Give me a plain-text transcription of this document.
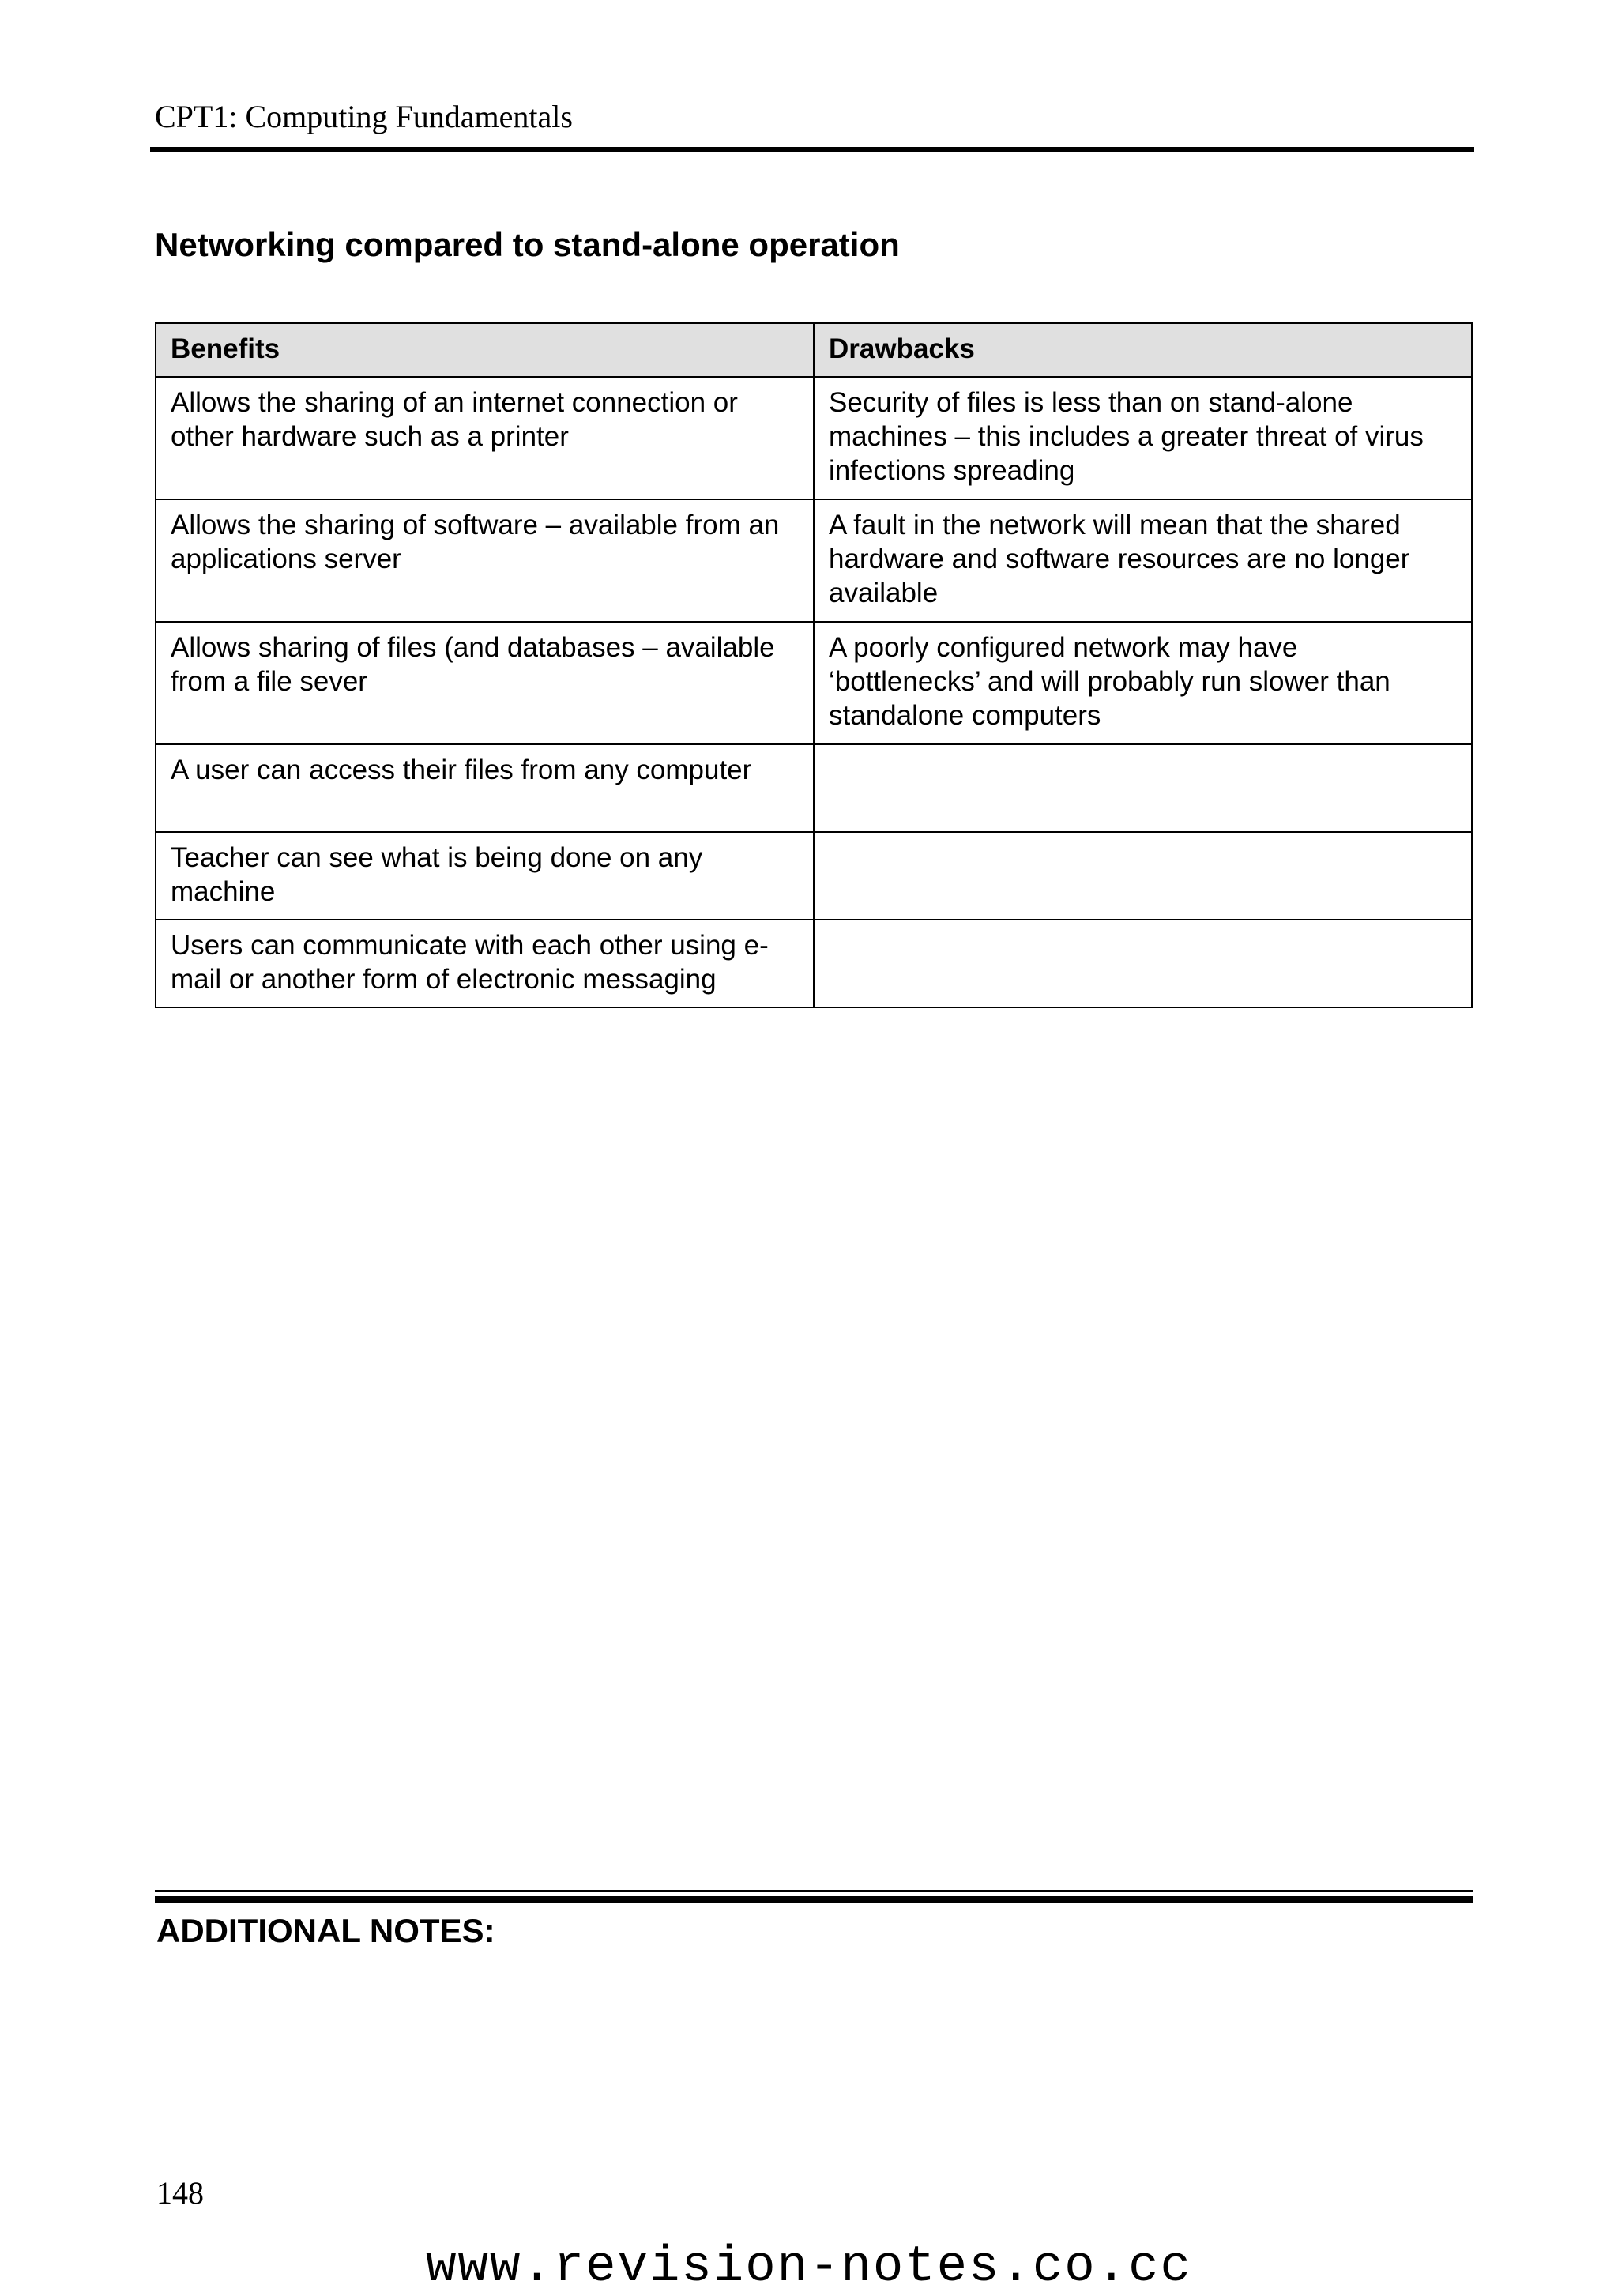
CPT1: Computing Fundamentals
Networking compared to stand-alone operation
Benefits	Drawbacks
Allows the sharing of an internet connection or other hardware such as a printer	Security of files is less than on stand-alone machines – this includes a greater threat of virus infections spreading
Allows the sharing of software – available from an applications server	A fault in the network will mean that the shared hardware and software resources are no longer available
Allows sharing of files (and databases – available from a file sever	A poorly configured network may have ‘bottlenecks’ and will probably run slower than standalone computers
A user can access their files from any computer	
Teacher can see what is being done on any machine	
Users can communicate with each other using e-mail or another form of electronic messaging	
ADDITIONAL NOTES:
148
www.revision-notes.co.cc
